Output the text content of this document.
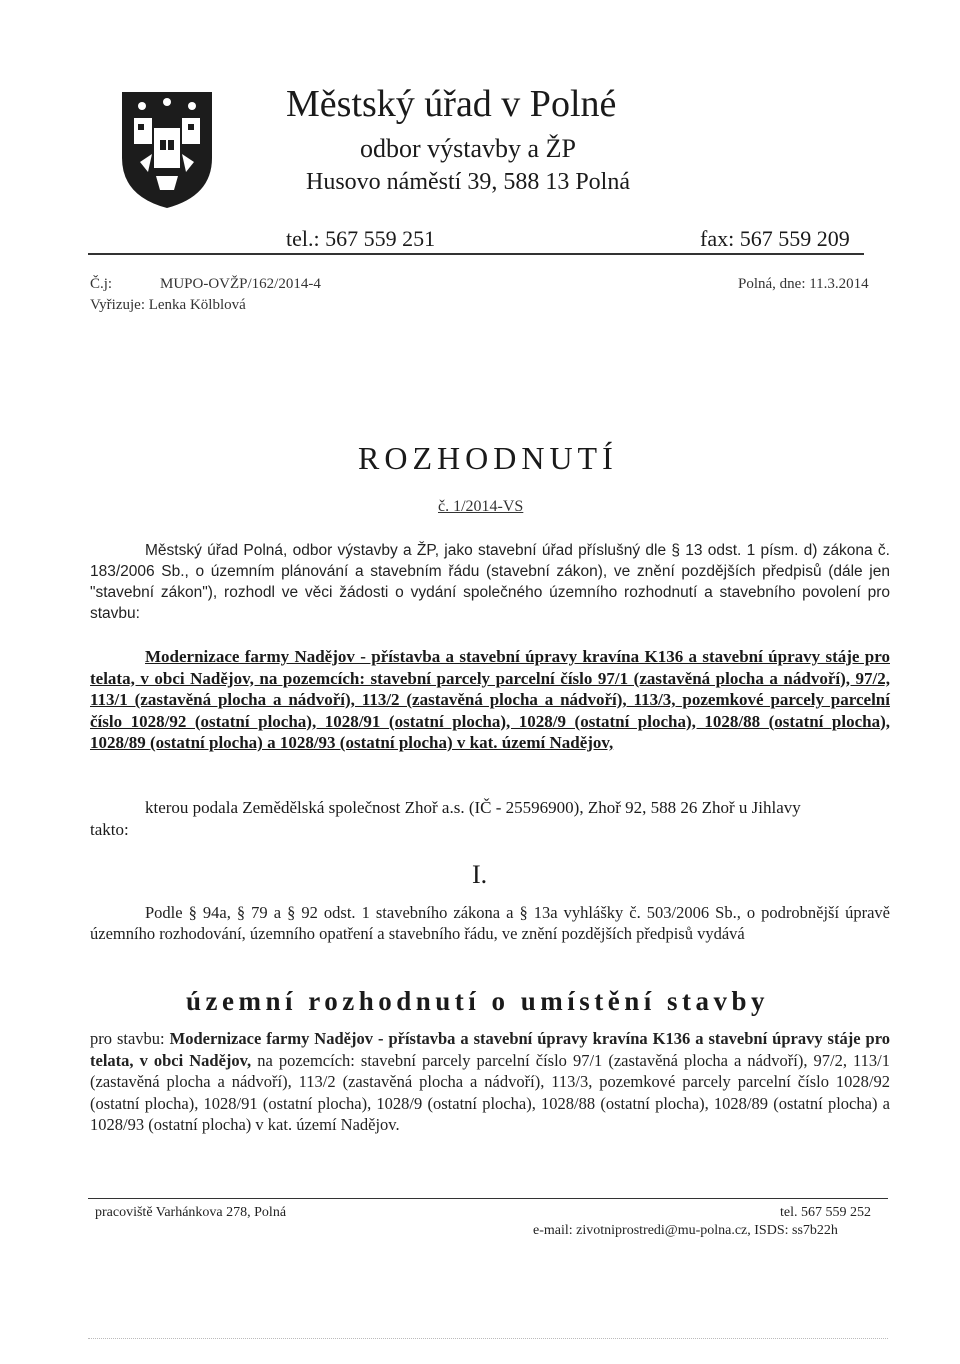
Městský úřad v Polné
odbor výstavby a ŽP
Husovo náměstí 39, 588 13 Polná
tel.: 567 559 251	fax: 567 559 209
Č.j:	MUPO-OVŽP/162/2014-4
Vyřizuje: Lenka Kölblová
Polná, dne: 11.3.2014
ROZHODNUTÍ
č. 1/2014-VS
Městský úřad Polná, odbor výstavby a ŽP, jako stavební úřad příslušný dle § 13 odst. 1 písm. d) zákona č. 183/2006 Sb., o územním plánování a stavebním řádu (stavební zákon), ve znění pozdějších předpisů (dále jen "stavební zákon"), rozhodl ve věci žádosti o vydání společného územního rozhodnutí a stavebního povolení pro stavbu:
Modernizace farmy Nadějov - přístavba a stavební úpravy kravína K136 a stavební úpravy stáje pro telata, v obci Nadějov, na pozemcích: stavební parcely parcelní číslo 97/1 (zastavěná plocha a nádvoří), 97/2, 113/1 (zastavěná plocha a nádvoří), 113/2 (zastavěná plocha a nádvoří), 113/3, pozemkové parcely parcelní číslo 1028/92 (ostatní plocha), 1028/91 (ostatní plocha), 1028/9 (ostatní plocha), 1028/88 (ostatní plocha), 1028/89 (ostatní plocha) a 1028/93 (ostatní plocha) v kat. území Nadějov,
kterou podala Zemědělská společnost Zhoř a.s. (IČ - 25596900), Zhoř 92, 588 26 Zhoř u Jihlavy
takto:
I.
Podle § 94a, § 79 a § 92 odst. 1 stavebního zákona a § 13a vyhlášky č. 503/2006 Sb., o podrobnější úpravě územního rozhodování, územního opatření a stavebního řádu, ve znění pozdějších předpisů vydává
územní rozhodnutí o umístění stavby
pro stavbu: Modernizace farmy Nadějov - přístavba a stavební úpravy kravína K136 a stavební úpravy stáje pro telata, v obci Nadějov, na pozemcích: stavební parcely parcelní číslo 97/1 (zastavěná plocha a nádvoří), 97/2, 113/1 (zastavěná plocha a nádvoří), 113/2 (zastavěná plocha a nádvoří), 113/3, pozemkové parcely parcelní číslo 1028/92 (ostatní plocha), 1028/91 (ostatní plocha), 1028/9 (ostatní plocha), 1028/88 (ostatní plocha), 1028/89 (ostatní plocha) a 1028/93 (ostatní plocha) v kat. území Nadějov.
pracoviště Varhánkova 278, Polná	tel. 567 559 252
e-mail: zivotniprostredi@mu-polna.cz, ISDS: ss7b22h
